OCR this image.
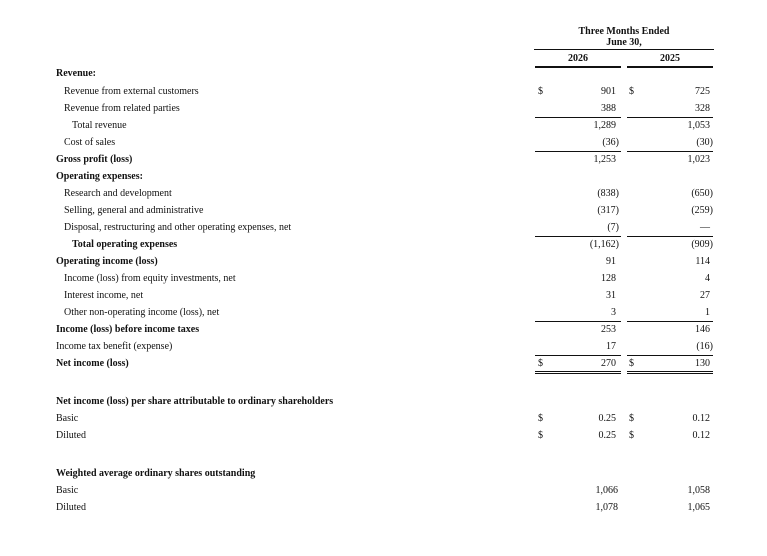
Three Months Ended
June 30,
2026	2025
Revenue:
Revenue from external customers	$	901 $	725
Revenue from related parties	388	328
Total revenue	1,289	1,053
Cost of sales	(36)	(30)
Gross profit (loss)	1,253	1,023
Operating expenses:
Research and development	(838)	(650)
Selling, general and administrative	(317)	(259)
Disposal, restructuring and other operating expenses, net	(7)	—
Total operating expenses	(1,162)	(909)
Operating income (loss)	91	114
Income (loss) from equity investments, net	128	4
Interest income, net	31	27
Other non-operating income (loss), net	3	1
Income (loss) before income taxes	253	146
Income tax benefit (expense)	17	(16)
Net income (loss)	$	270 $	130
Net income (loss) per share attributable to ordinary shareholders
Basic	$	0.25 $	0.12
Diluted	$	0.25 $	0.12
Weighted average ordinary shares outstanding
Basic	1,066	1,058
Diluted	1,078	1,065
